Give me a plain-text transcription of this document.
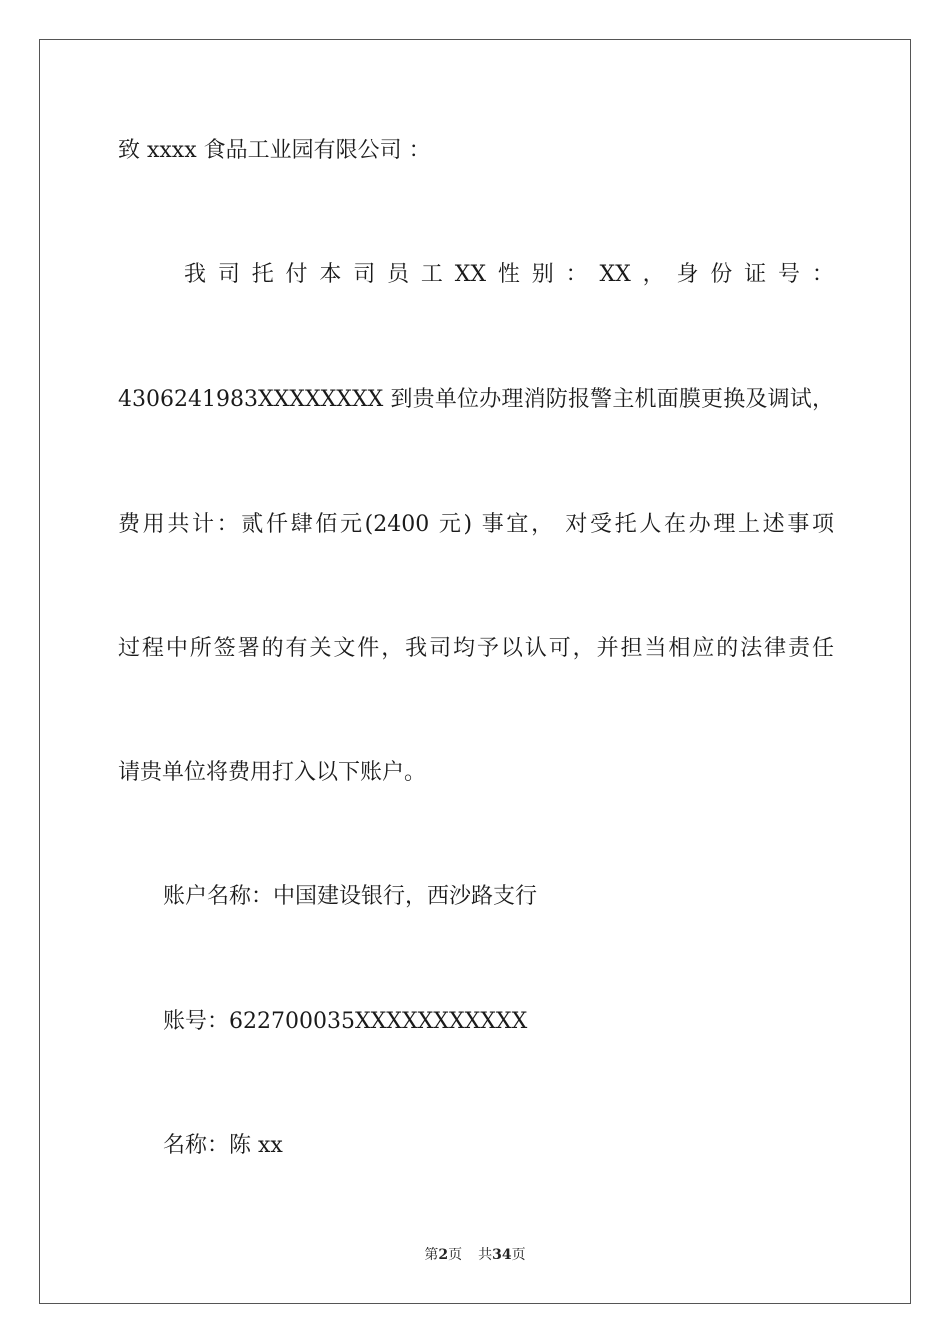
致 xxxx 食品工业园有限公司 ：

我 司 托 付 本 司 员 工 XX 性 别 ： XX ， 身 份 证 号 ：

4306241983XXXXXXXX 到贵单位办理消防报警主机面膜更换及调试，

费用共计：贰仟肆佰元(2400 元) 事宜， 对受托人在办理上述事项

过程中所签署的有关文件，我司均予以认可，并担当相应的法律责任

请贵单位将费用打入以下账户。

账户名称：中国建设银行，西沙路支行

账号：622700035XXXXXXXXXXX

名称：陈 xx

第2页 共34页
